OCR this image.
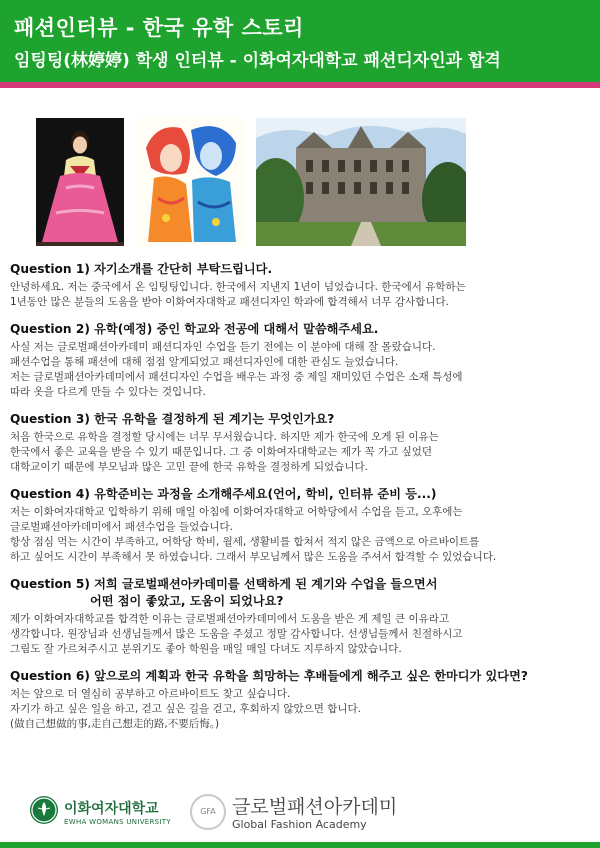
패션인터뷰 - 한국 유학 스토리
임팅팅(林婷婷) 학생 인터뷰 - 이화여자대학교 패션디자인과 합격
Question 1) 자기소개를 간단히 부탁드립니다.
안녕하세요. 저는 중국에서 온 임팅팅입니다. 한국에서 지낸지 1년이 넘었습니다. 한국에서 유학하는
1년동안 많은 분들의 도움을 받아 이화여자대학교 패션디자인 학과에 합격해서 너무 감사합니다.
Question 2) 유학(예정) 중인 학교와 전공에 대해서 말씀해주세요.
사실 저는 글로벌패션아카데미 패션디자인 수업을 듣기 전에는 이 분야에 대해 잘 몰랐습니다.
패션수업을 통해 패션에 대해 점점 알게되었고 패션디자인에 대한 관심도 늘었습니다.
저는 글로벌패션아카데미에서 패션디자인 수업을 배우는 과정 중 제일 재미있던 수업은 소재 특성에
따라 옷을 다르게 만들 수 있다는 것입니다.
Question 3) 한국 유학을 결정하게 된 계기는 무엇인가요?
처음 한국으로 유학을 결정할 당시에는 너무 무서웠습니다. 하지만 제가 한국에 오게 된 이유는
한국에서 좋은 교육을 받을 수 있기 때문입니다. 그 중 이화여자대학교는 제가 꼭 가고 싶었던
대학교이기 때문에 부모님과 많은 고민 끝에 한국 유학을 결정하게 되었습니다.
Question 4) 유학준비는 과정을 소개해주세요(언어, 학비, 인터뷰 준비 등...)
저는 이화여자대학교 입학하기 위해 매일 아침에 이화여자대학교 어학당에서 수업을 듣고, 오후에는
글로벌패션아카데미에서 패션수업을 들었습니다.
항상 점심 먹는 시간이 부족하고, 어학당 학비, 월세, 생활비를 합쳐서 적지 않은 금액으로 아르바이트를
하고 싶어도 시간이 부족해서 못 하였습니다. 그래서 부모님께서 많은 도움을 주셔서 합격할 수 있었습니다.
Question 5) 저희 글로벌패션아카데미를 선택하게 된 계기와 수업을 들으면서
어떤 점이 좋았고, 도움이 되었나요?
제가 이화여자대학교를 합격한 이유는 글로벌패션아카데미에서 도움을 받은 게 제일 큰 이유라고
생각합니다. 원장님과 선생님들께서 많은 도움을 주셨고 정말 감사합니다. 선생님들께서 친절하시고
그림도 잘 가르쳐주시고 분위기도 좋아 학원을 매일 매일 다녀도 지루하지 않았습니다.
Question 6) 앞으로의 계획과 한국 유학을 희망하는 후배들에게 해주고 싶은 한마디가 있다면?
저는 앞으로 더 열심히 공부하고 아르바이트도 찾고 싶습니다.
자기가 하고 싶은 일을 하고, 걷고 싶은 길을 걷고, 후회하지 않았으면 합니다.
(做自己想做的事,走自己想走的路,不要后悔。)
이화여자대학교
EWHA WOMANS UNIVERSITY
GFA 글로벌패션아카데미
Global Fashion Academy
